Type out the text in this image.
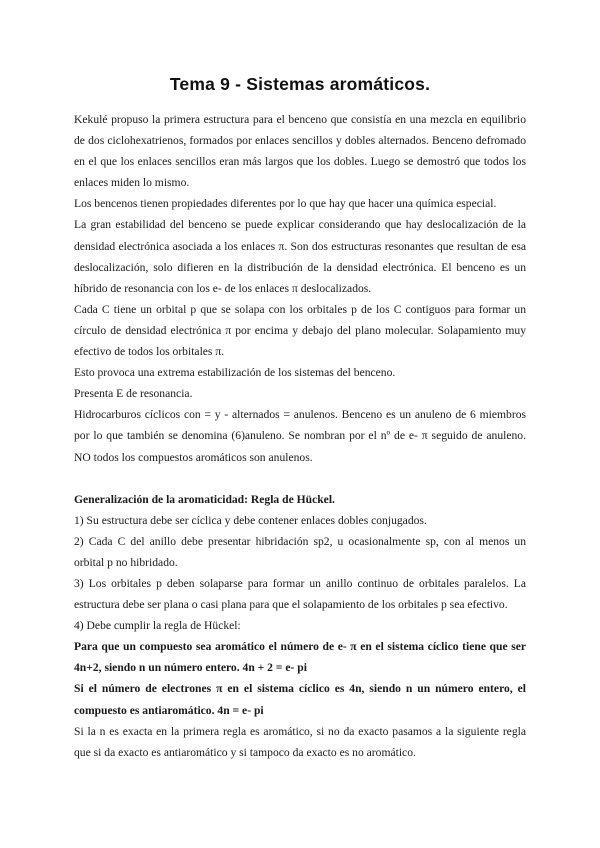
Tema 9 - Sistemas aromáticos.

Kekulé propuso la primera estructura para el benceno que consistía en una mezcla en equilibrio de dos ciclohexatrienos, formados por enlaces sencillos y dobles alternados. Benceno defromado en el que los enlaces sencillos eran más largos que los dobles. Luego se demostró que todos los enlaces miden lo mismo.

Los bencenos tienen propiedades diferentes por lo que hay que hacer una química especial.

La gran estabilidad del benceno se puede explicar considerando que hay deslocalización de la densidad electrónica asociada a los enlaces π. Son dos estructuras resonantes que resultan de esa deslocalización, solo difieren en la distribución de la densidad electrónica. El benceno es un híbrido de resonancia con los e- de los enlaces π deslocalizados.

Cada C tiene un orbital p que se solapa con los orbitales p de los C contiguos para formar un círculo de densidad electrónica π por encima y debajo del plano molecular. Solapamiento muy efectivo de todos los orbitales π.

Esto provoca una extrema estabilización de los sistemas del benceno.

Presenta E de resonancia.

Hidrocarburos cíclicos con = y - alternados = anulenos. Benceno es un anuleno de 6 miembros por lo que también se denomina (6)anuleno. Se nombran por el nº de e- π seguido de anuleno. NO todos los compuestos aromáticos son anulenos.

Generalización de la aromaticidad: Regla de Hückel.

1) Su estructura debe ser cíclica y debe contener enlaces dobles conjugados.

2) Cada C del anillo debe presentar hibridación sp2, u ocasionalmente sp, con al menos un orbital p no hibridado.

3) Los orbitales p deben solaparse para formar un anillo continuo de orbitales paralelos. La estructura debe ser plana o casi plana para que el solapamiento de los orbitales p sea efectivo.

4) Debe cumplir la regla de Hückel:

Para que un compuesto sea aromático el número de e- π en el sistema cíclico tiene que ser 4n+2, siendo n un número entero. 4n + 2 = e- pi

Si el número de electrones π en el sistema cíclico es 4n, siendo n un número entero, el compuesto es antiaromático. 4n = e- pi

Si la n es exacta en la primera regla es aromático, si no da exacto pasamos a la siguiente regla que si da exacto es antiaromático y si tampoco da exacto es no aromático.
